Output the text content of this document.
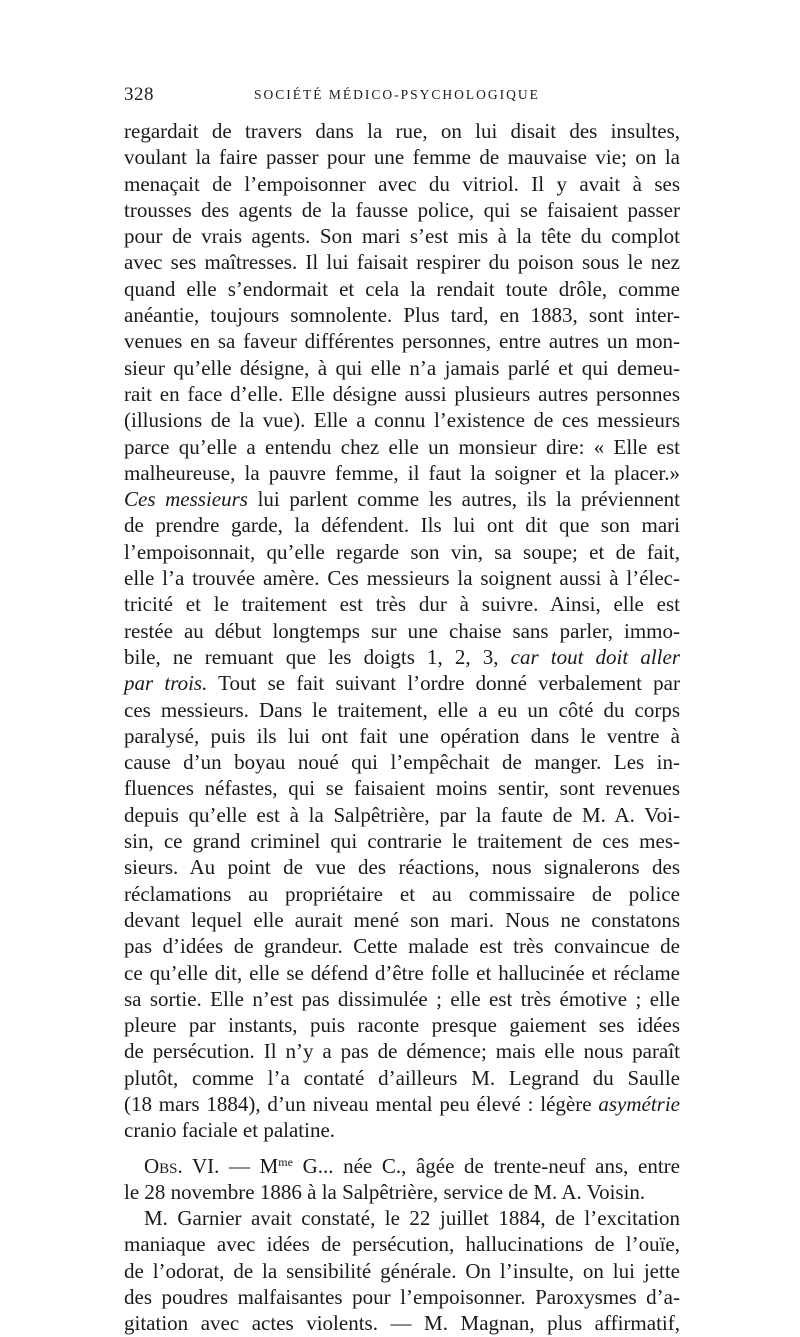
328	SOCIÉTÉ MÉDICO-PSYCHOLOGIQUE
regardait de travers dans la rue, on lui disait des insultes,
voulant la faire passer pour une femme de mauvaise vie; on la
menaçait de l’empoisonner avec du vitriol. Il y avait à ses
trousses des agents de la fausse police, qui se faisaient passer
pour de vrais agents. Son mari s’est mis à la tête du complot
avec ses maîtresses. Il lui faisait respirer du poison sous le nez
quand elle s’endormait et cela la rendait toute drôle, comme
anéantie, toujours somnolente. Plus tard, en 1883, sont inter-
venues en sa faveur différentes personnes, entre autres un mon-
sieur qu’elle désigne, à qui elle n’a jamais parlé et qui demeu-
rait en face d’elle. Elle désigne aussi plusieurs autres personnes
(illusions de la vue). Elle a connu l’existence de ces messieurs
parce qu’elle a entendu chez elle un monsieur dire: « Elle est
malheureuse, la pauvre femme, il faut la soigner et la placer.»
Ces messieurs lui parlent comme les autres, ils la préviennent
de prendre garde, la défendent. Ils lui ont dit que son mari
l’empoisonnait, qu’elle regarde son vin, sa soupe; et de fait,
elle l’a trouvée amère. Ces messieurs la soignent aussi à l’élec-
tricité et le traitement est très dur à suivre. Ainsi, elle est
restée au début longtemps sur une chaise sans parler, immo-
bile, ne remuant que les doigts 1, 2, 3, car tout doit aller
par trois. Tout se fait suivant l’ordre donné verbalement par
ces messieurs. Dans le traitement, elle a eu un côté du corps
paralysé, puis ils lui ont fait une opération dans le ventre à
cause d’un boyau noué qui l’empêchait de manger. Les in-
fluences néfastes, qui se faisaient moins sentir, sont revenues
depuis qu’elle est à la Salpêtrière, par la faute de M. A. Voi-
sin, ce grand criminel qui contrarie le traitement de ces mes-
sieurs. Au point de vue des réactions, nous signalerons des
réclamations au propriétaire et au commissaire de police
devant lequel elle aurait mené son mari. Nous ne constatons
pas d’idées de grandeur. Cette malade est très convaincue de
ce qu’elle dit, elle se défend d’être folle et hallucinée et réclame
sa sortie. Elle n’est pas dissimulée ; elle est très émotive ; elle
pleure par instants, puis raconte presque gaiement ses idées
de persécution. Il n’y a pas de démence; mais elle nous paraît
plutôt, comme l’a contaté d’ailleurs M. Legrand du Saulle
(18 mars 1884), d’un niveau mental peu élevé : légère asymétrie
cranio faciale et palatine.
Obs. VI. — $M^{me}$ G... née C., âgée de trente-neuf ans, entre
le 28 novembre 1886 à la Salpêtrière, service de M. A. Voisin.
M. Garnier avait constaté, le 22 juillet 1884, de l’excitation
maniaque avec idées de persécution, hallucinations de l’ouïe,
de l’odorat, de la sensibilité générale. On l’insulte, on lui jette
des poudres malfaisantes pour l’empoisonner. Paroxysmes d’a-
gitation avec actes violents. — M. Magnan, plus affirmatif,
